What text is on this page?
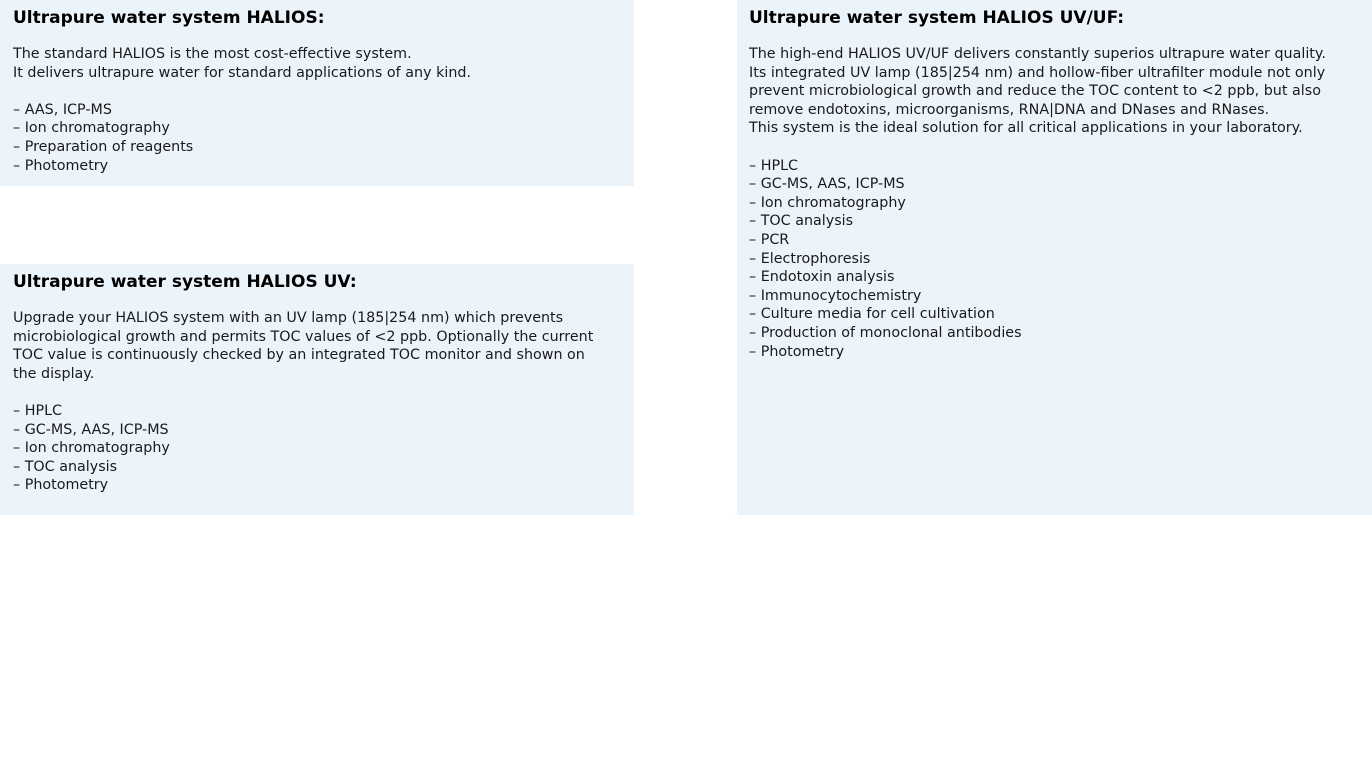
Ultrapure water system HALIOS:

The standard HALIOS is the most cost-effective system.
It delivers ultrapure water for standard applications of any kind.

– AAS, ICP-MS
– Ion chromatography
– Preparation of reagents
– Photometry
Ultrapure water system HALIOS UV:

Upgrade your HALIOS system with an UV lamp (185|254 nm) which prevents
microbiological growth and permits TOC values of <2 ppb. Optionally the current
TOC value is continuously checked by an integrated TOC monitor and shown on
the display.

– HPLC
– GC-MS, AAS, ICP-MS
– Ion chromatography
– TOC analysis
– Photometry
Ultrapure water system HALIOS UV/UF:

The high-end HALIOS UV/UF delivers constantly superios ultrapure water quality.
Its integrated UV lamp (185|254 nm) and hollow-fiber ultrafilter module not only
prevent microbiological growth and reduce the TOC content to <2 ppb, but also
remove endotoxins, microorganisms, RNA|DNA and DNases and RNases.
This system is the ideal solution for all critical applications in your laboratory.

– HPLC
– GC-MS, AAS, ICP-MS
– Ion chromatography
– TOC analysis
– PCR
– Electrophoresis
– Endotoxin analysis
– Immunocytochemistry
– Culture media for cell cultivation
– Production of monoclonal antibodies
– Photometry
